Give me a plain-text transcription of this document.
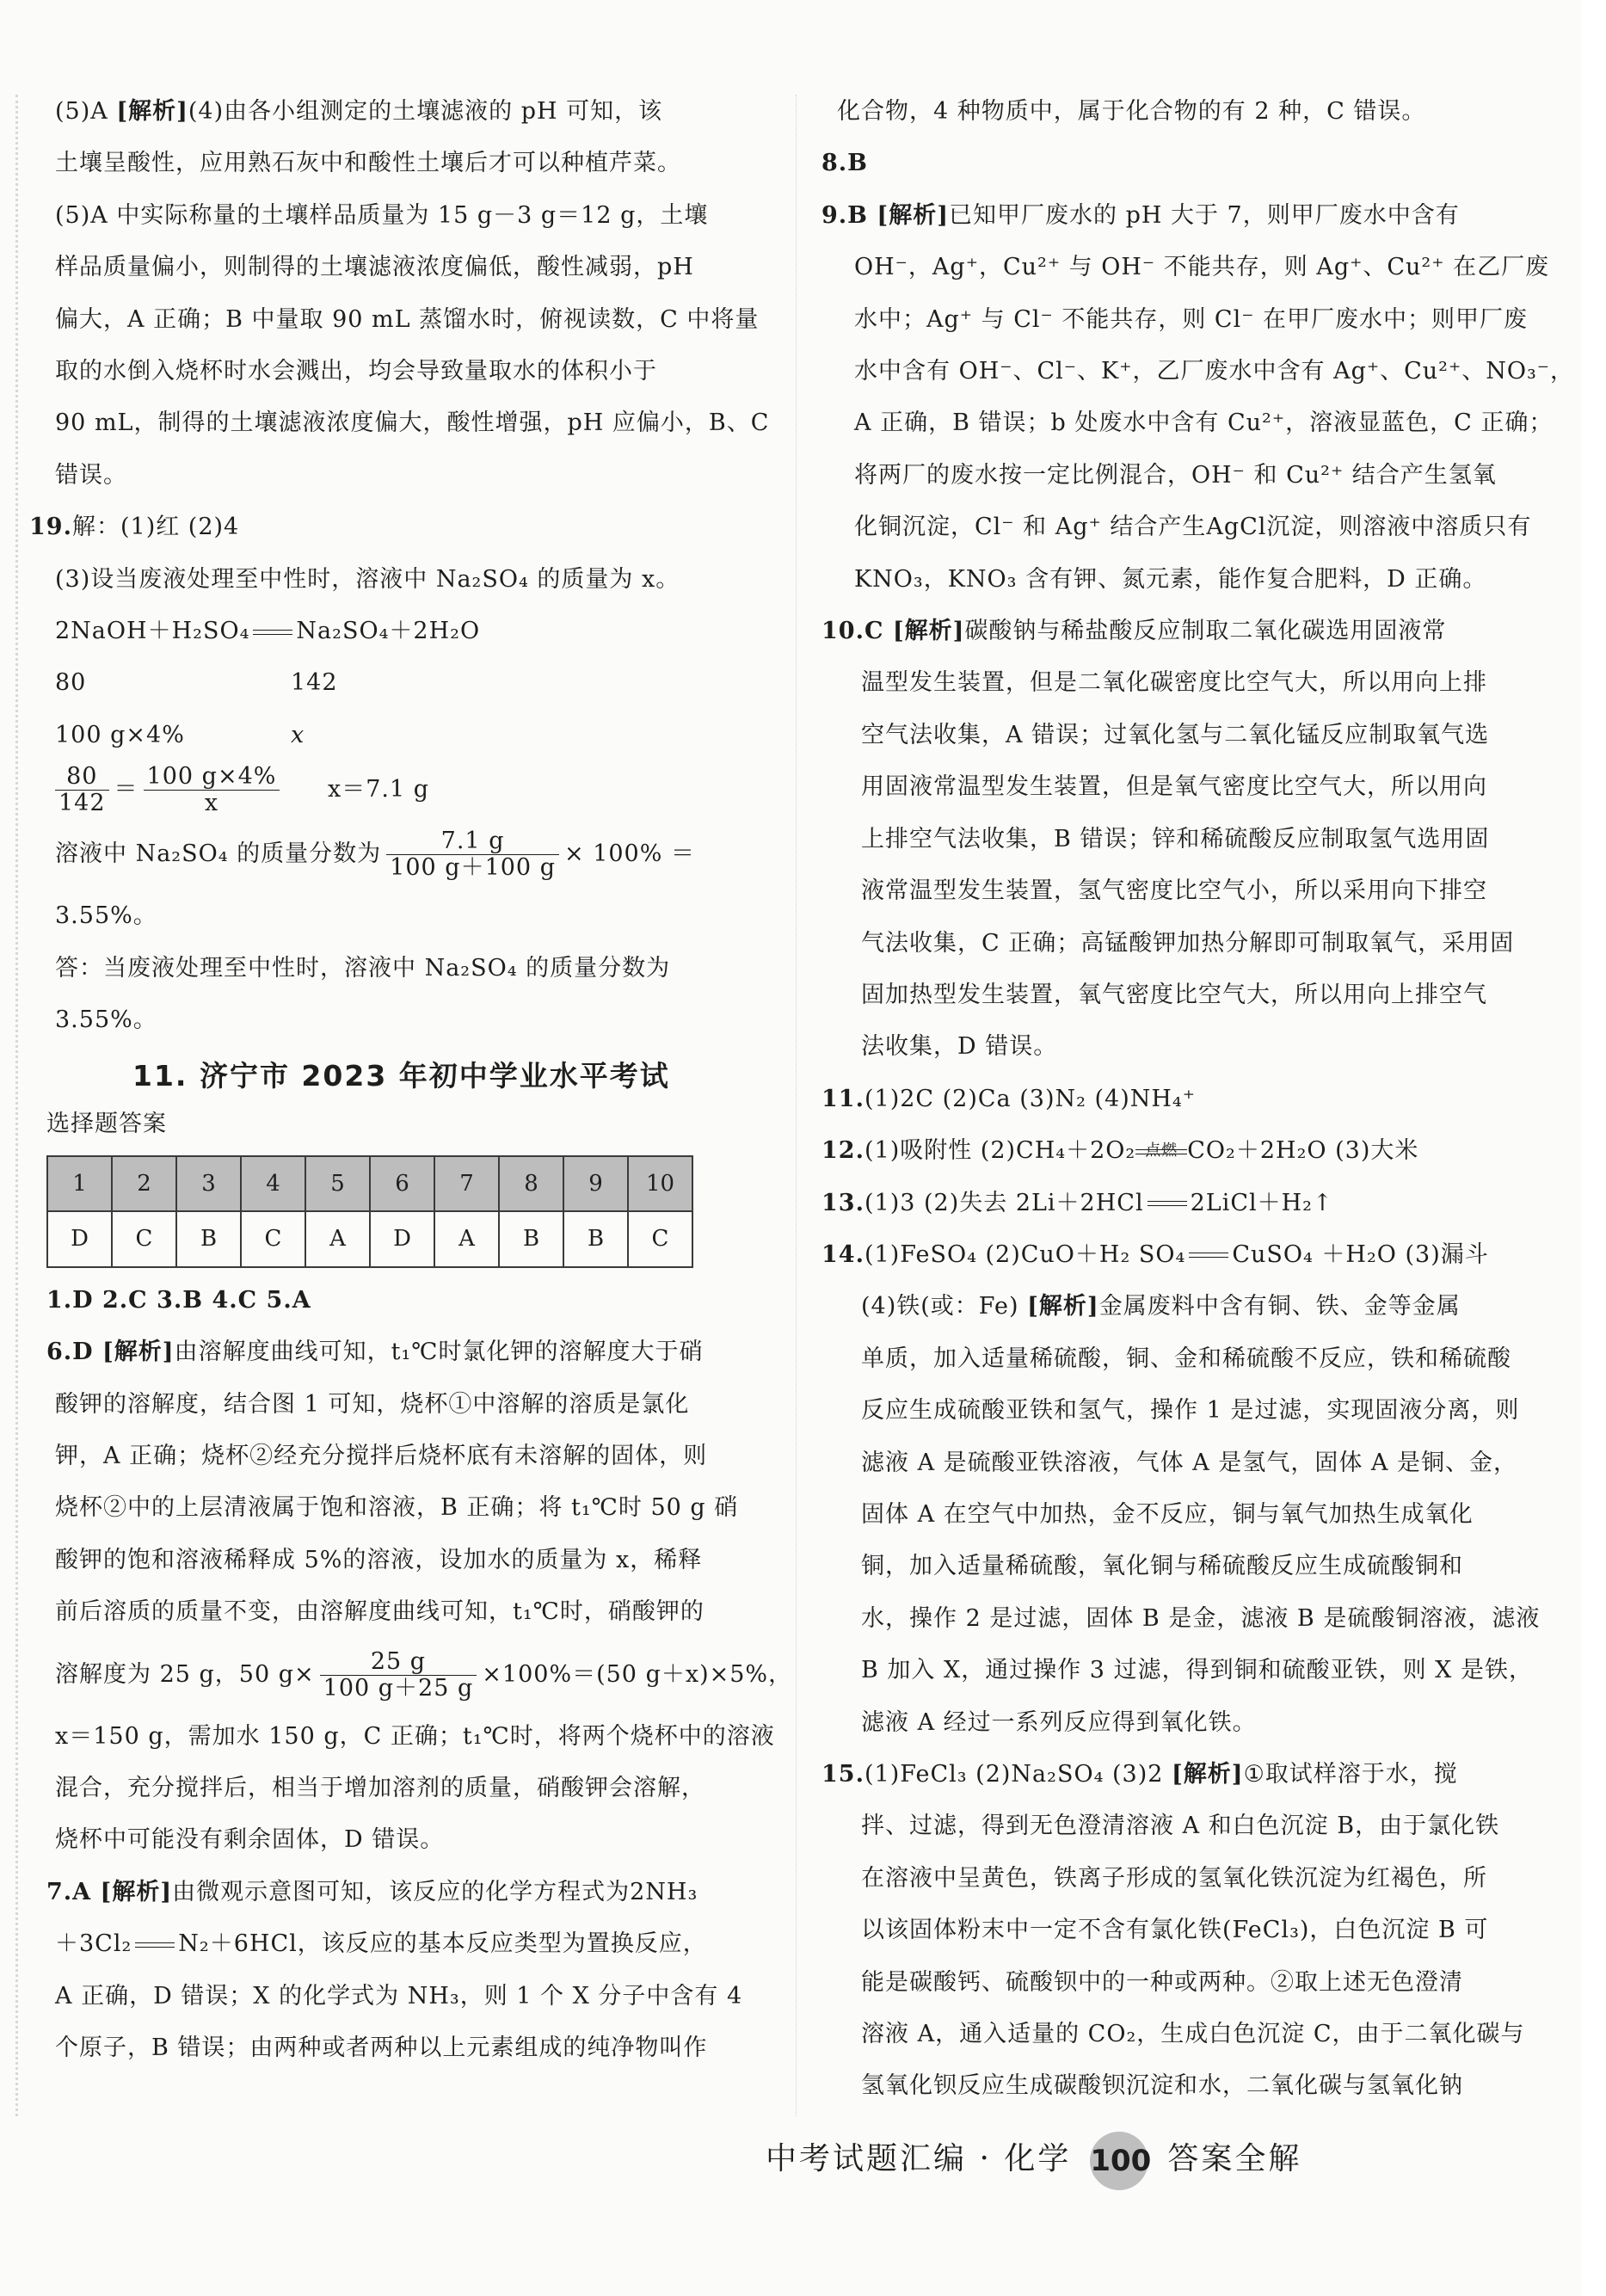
(5)A [解析](4)由各小组测定的土壤滤液的 pH 可知，该
土壤呈酸性，应用熟石灰中和酸性土壤后才可以种植芹菜。
(5)A 中实际称量的土壤样品质量为 15 g－3 g＝12 g，土壤
样品质量偏小，则制得的土壤滤液浓度偏低，酸性减弱，pH
偏大，A 正确；B 中量取 90 mL 蒸馏水时，俯视读数，C 中将量
取的水倒入烧杯时水会溅出，均会导致量取水的体积小于
90 mL，制得的土壤滤液浓度偏大，酸性增强，pH 应偏小，B、C
错误。
19.解：(1)红 (2)4
(3)设当废液处理至中性时，溶液中 Na₂SO₄ 的质量为 x。
2NaOH＋H₂SO₄ Na₂SO₄＋2H₂O
80	142
100 g×4%	x
$\frac{80}{142} = \frac{100 g\times 4\%}{x} x=7.1$ g
溶液中 Na₂SO₄ 的质量分数为 $\frac{7.1 g}{100 g+100 g} \times 100\%$ ＝
3.55%。
答：当废液处理至中性时，溶液中 Na₂SO₄ 的质量分数为
3.55%。
11. 济宁市 2023 年初中学业水平考试
选择题答案
1	2	3	4	5	6	7	8	9	10
D	C	B	C	A	D	A	B	B	C
1.D 2.C 3.B 4.C 5.A
6.D [解析]由溶解度曲线可知，t₁℃时氯化钾的溶解度大于硝
酸钾的溶解度，结合图 1 可知，烧杯①中溶解的溶质是氯化
钾，A 正确；烧杯②经充分搅拌后烧杯底有未溶解的固体，则
烧杯②中的上层清液属于饱和溶液，B 正确；将 t₁℃时 50 g 硝
酸钾的饱和溶液稀释成 5%的溶液，设加水的质量为 x，稀释
前后溶质的质量不变，由溶解度曲线可知，t₁℃时，硝酸钾的
溶解度为 25 g，50 $g\times \frac{25 g}{100 g+25 g} \times 100\%=(50$ g＋x)×5%，
x＝150 g，需加水 150 g，C 正确；t₁℃时，将两个烧杯中的溶液
混合，充分搅拌后，相当于增加溶剂的质量，硝酸钾会溶解，
烧杯中可能没有剩余固体，D 错误。
7.A [解析]由微观示意图可知，该反应的化学方程式为2NH₃
＋3Cl₂ N₂＋6HCl，该反应的基本反应类型为置换反应，
A 正确，D 错误；X 的化学式为 NH₃，则 1 个 X 分子中含有 4
个原子，B 错误；由两种或者两种以上元素组成的纯净物叫作
化合物，4 种物质中，属于化合物的有 2 种，C 错误。
8.B
9.B [解析]已知甲厂废水的 pH 大于 7，则甲厂废水中含有
OH⁻，Ag⁺，Cu²⁺ 与 OH⁻ 不能共存，则 Ag⁺、Cu²⁺ 在乙厂废
水中；Ag⁺ 与 Cl⁻ 不能共存，则 Cl⁻ 在甲厂废水中；则甲厂废
水中含有 OH⁻、Cl⁻、K⁺，乙厂废水中含有 Ag⁺、Cu²⁺、NO₃⁻，
A 正确，B 错误；b 处废水中含有 Cu²⁺，溶液显蓝色，C 正确；
将两厂的废水按一定比例混合，OH⁻ 和 Cu²⁺ 结合产生氢氧
化铜沉淀，Cl⁻ 和 Ag⁺ 结合产生AgCl沉淀，则溶液中溶质只有
KNO₃，KNO₃ 含有钾、氮元素，能作复合肥料，D 正确。
10.C [解析]碳酸钠与稀盐酸反应制取二氧化碳选用固液常
温型发生装置，但是二氧化碳密度比空气大，所以用向上排
空气法收集，A 错误；过氧化氢与二氧化锰反应制取氧气选
用固液常温型发生装置，但是氧气密度比空气大，所以用向
上排空气法收集，B 错误；锌和稀硫酸反应制取氢气选用固
液常温型发生装置，氢气密度比空气小，所以采用向下排空
气法收集，C 正确；高锰酸钾加热分解即可制取氧气，采用固
固加热型发生装置，氧气密度比空气大，所以用向上排空气
法收集，D 错误。
11.(1)2C (2)Ca (3)N₂ (4)NH₄⁺
12.(1)吸附性 (2)CH₄＋2O₂ 点燃 CO₂＋2H₂O (3)大米
13.(1)3 (2)失去 2Li＋2HCl 2LiCl＋H₂↑
14.(1)FeSO₄ (2)CuO＋H₂ SO₄ CuSO₄ ＋H₂O (3)漏斗
(4)铁(或：Fe) [解析]金属废料中含有铜、铁、金等金属
单质，加入适量稀硫酸，铜、金和稀硫酸不反应，铁和稀硫酸
反应生成硫酸亚铁和氢气，操作 1 是过滤，实现固液分离，则
滤液 A 是硫酸亚铁溶液，气体 A 是氢气，固体 A 是铜、金，
固体 A 在空气中加热，金不反应，铜与氧气加热生成氧化
铜，加入适量稀硫酸，氧化铜与稀硫酸反应生成硫酸铜和
水，操作 2 是过滤，固体 B 是金，滤液 B 是硫酸铜溶液，滤液
B 加入 X，通过操作 3 过滤，得到铜和硫酸亚铁，则 X 是铁，
滤液 A 经过一系列反应得到氧化铁。
15.(1)FeCl₃ (2)Na₂SO₄ (3)2 [解析]①取试样溶于水，搅
拌、过滤，得到无色澄清溶液 A 和白色沉淀 B，由于氯化铁
在溶液中呈黄色，铁离子形成的氢氧化铁沉淀为红褐色，所
以该固体粉末中一定不含有氯化铁(FeCl₃)，白色沉淀 B 可
能是碳酸钙、硫酸钡中的一种或两种。②取上述无色澄清
溶液 A，通入适量的 CO₂，生成白色沉淀 C，由于二氧化碳与
氢氧化钡反应生成碳酸钡沉淀和水，二氧化碳与氢氧化钠
中考试题汇编 · 化学 100 答案全解
